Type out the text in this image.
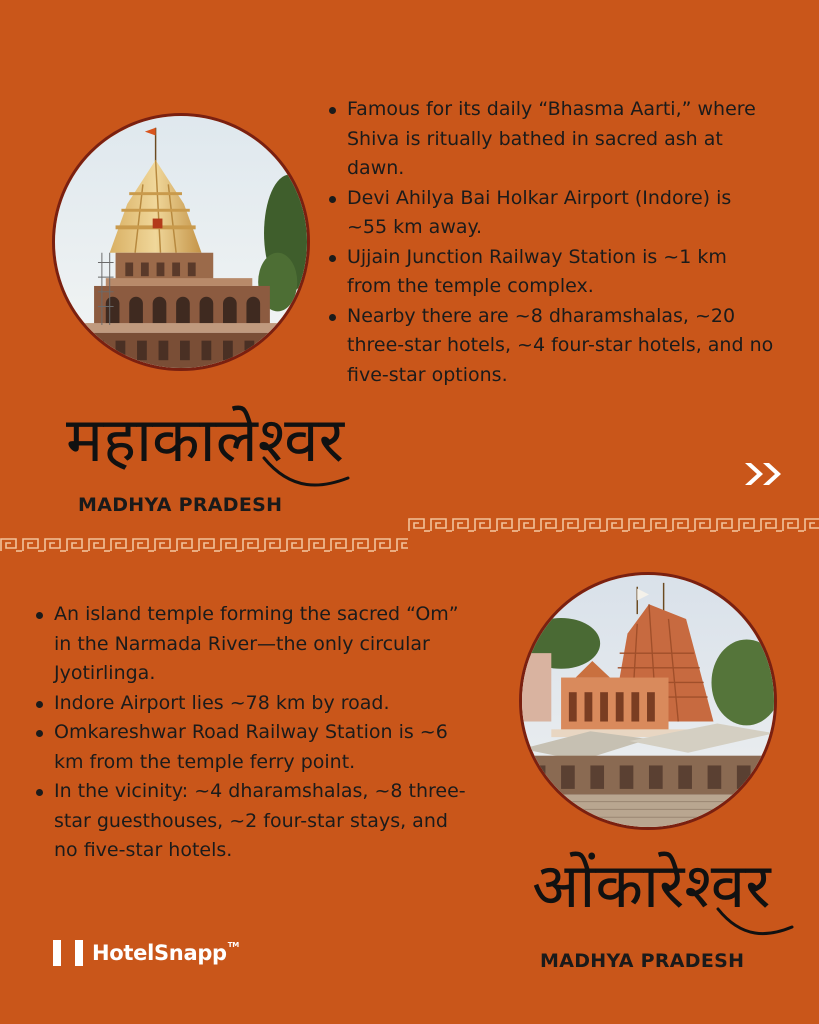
Famous for its daily “Bhasma Aarti,” where Shiva is ritually bathed in sacred ash at dawn.
Devi Ahilya Bai Holkar Airport (Indore) is ~55 km away.
Ujjain Junction Railway Station is ~1 km from the temple complex.
Nearby there are ~8 dharamshalas, ~20 three-star hotels, ~4 four-star hotels, and no five-star options.
महाकालेश्वर
MADHYA PRADESH
An island temple forming the sacred “Om” in the Narmada River—the only circular Jyotirlinga.
Indore Airport lies ~78 km by road.
Omkareshwar Road Railway Station is ~6 km from the temple ferry point.
In the vicinity: ~4 dharamshalas, ~8 three-star guesthouses, ~2 four-star stays, and no five-star hotels.	ओंकारेश्वर
MADHYA PRADESH
HotelSnapp™
